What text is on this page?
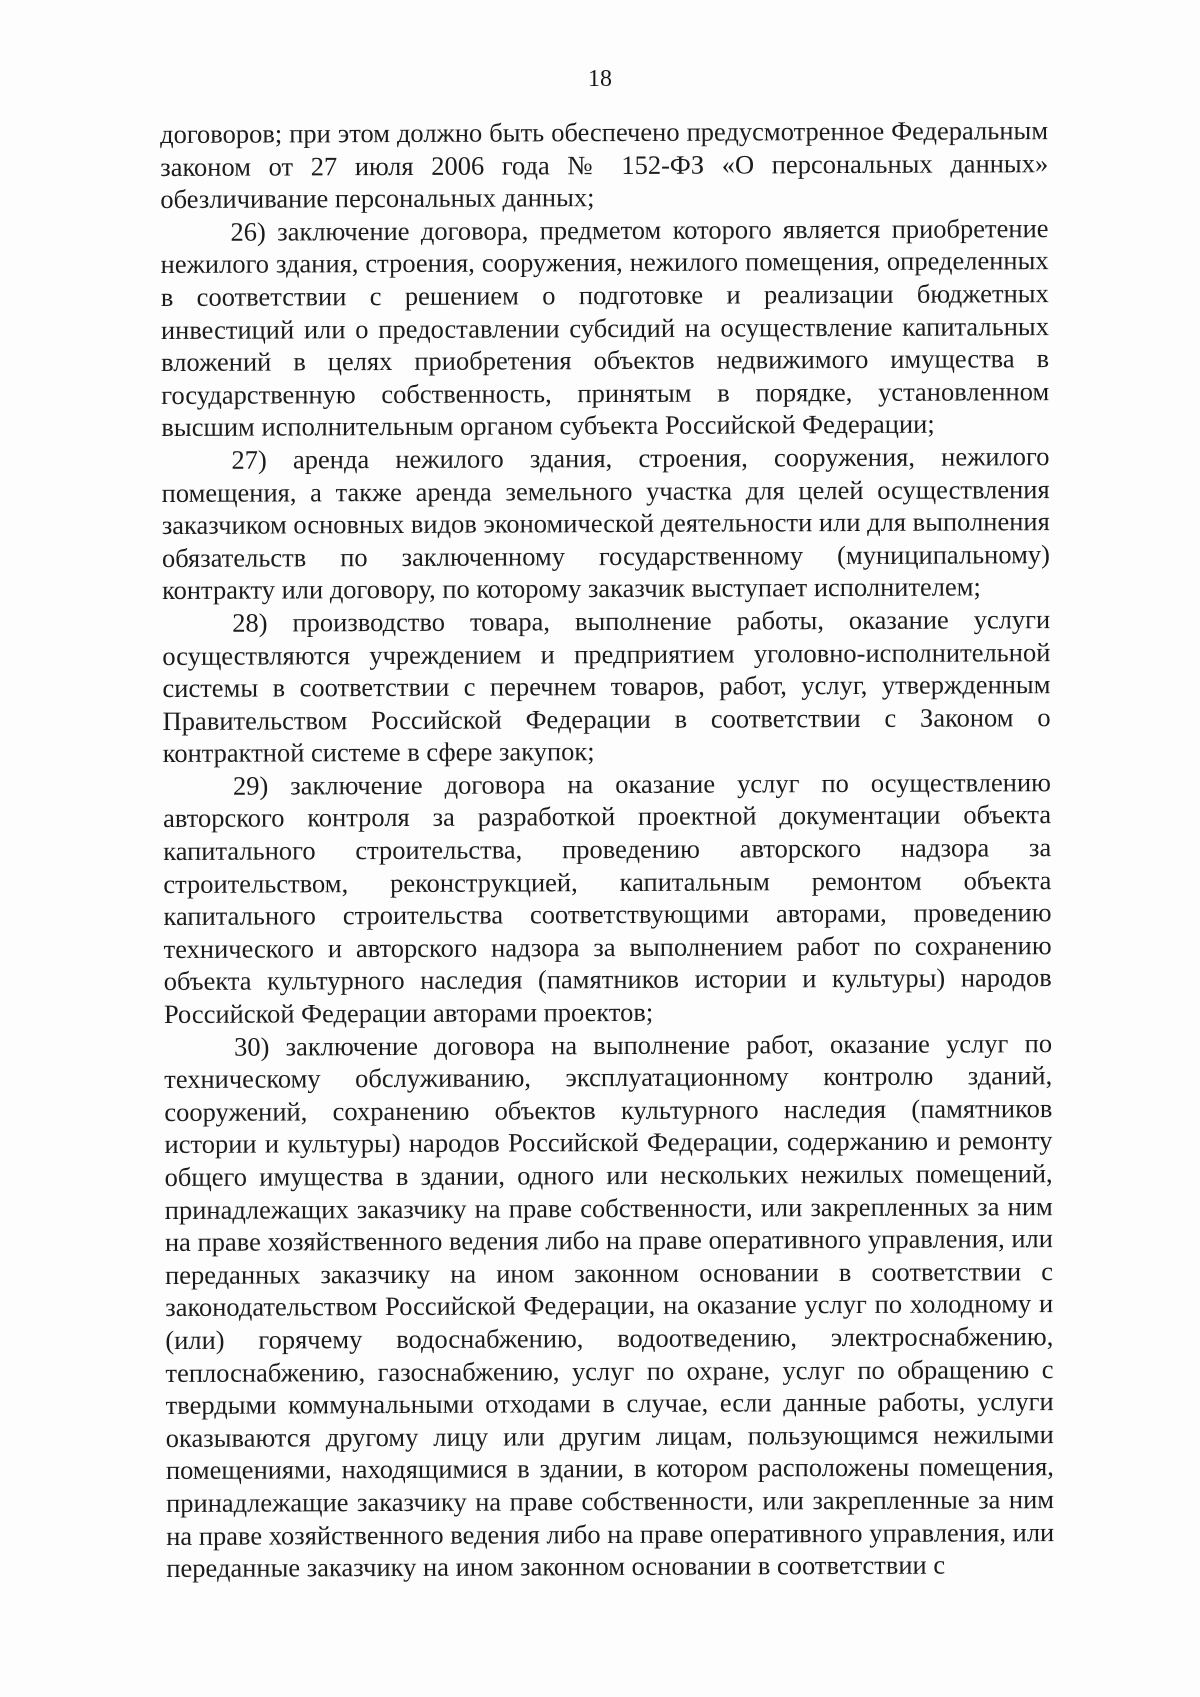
18

договоров; при этом должно быть обеспечено предусмотренное Федеральным законом от 27 июля 2006 года № 152-ФЗ «О персональных данных» обезличивание персональных данных;

26) заключение договора, предметом которого является приобретение нежилого здания, строения, сооружения, нежилого помещения, определенных в соответствии с решением о подготовке и реализации бюджетных инвестиций или о предоставлении субсидий на осуществление капитальных вложений в целях приобретения объектов недвижимого имущества в государственную собственность, принятым в порядке, установленном высшим исполнительным органом субъекта Российской Федерации;

27) аренда нежилого здания, строения, сооружения, нежилого помещения, а также аренда земельного участка для целей осуществления заказчиком основных видов экономической деятельности или для выполнения обязательств по заключенному государственному (муниципальному) контракту или договору, по которому заказчик выступает исполнителем;

28) производство товара, выполнение работы, оказание услуги осуществляются учреждением и предприятием уголовно-исполнительной системы в соответствии с перечнем товаров, работ, услуг, утвержденным Правительством Российской Федерации в соответствии с Законом о контрактной системе в сфере закупок;

29) заключение договора на оказание услуг по осуществлению авторского контроля за разработкой проектной документации объекта капитального строительства, проведению авторского надзора за строительством, реконструкцией, капитальным ремонтом объекта капитального строительства соответствующими авторами, проведению технического и авторского надзора за выполнением работ по сохранению объекта культурного наследия (памятников истории и культуры) народов Российской Федерации авторами проектов;

30) заключение договора на выполнение работ, оказание услуг по техническому обслуживанию, эксплуатационному контролю зданий, сооружений, сохранению объектов культурного наследия (памятников истории и культуры) народов Российской Федерации, содержанию и ремонту общего имущества в здании, одного или нескольких нежилых помещений, принадлежащих заказчику на праве собственности, или закрепленных за ним на праве хозяйственного ведения либо на праве оперативного управления, или переданных заказчику на ином законном основании в соответствии с законодательством Российской Федерации, на оказание услуг по холодному и (или) горячему водоснабжению, водоотведению, электроснабжению, теплоснабжению, газоснабжению, услуг по охране, услуг по обращению с твердыми коммунальными отходами в случае, если данные работы, услуги оказываются другому лицу или другим лицам, пользующимся нежилыми помещениями, находящимися в здании, в котором расположены помещения, принадлежащие заказчику на праве собственности, или закрепленные за ним на праве хозяйственного ведения либо на праве оперативного управления, или переданные заказчику на ином законном основании в соответствии с
